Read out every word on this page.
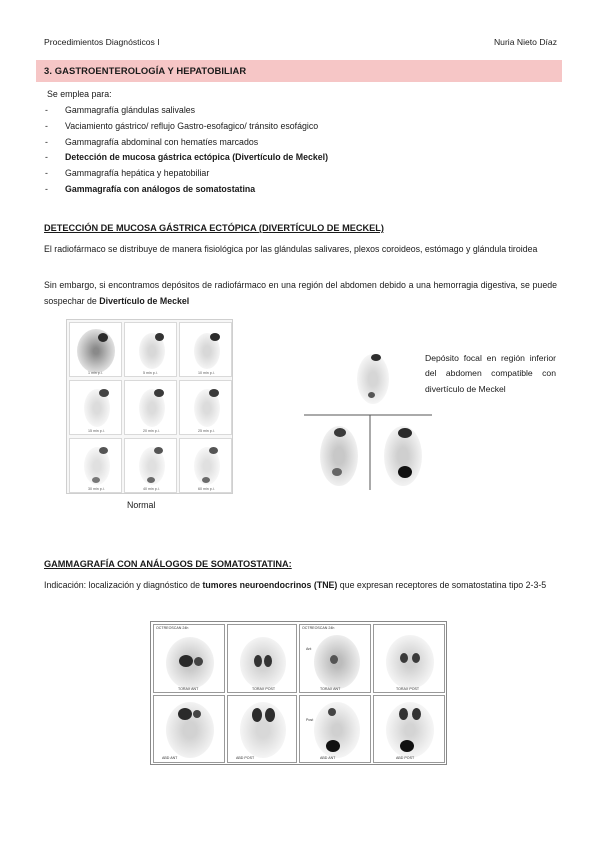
Procedimientos Diagnósticos I	Nuria Nieto Díaz
3. GASTROENTEROLOGÍA Y HEPATOBILIAR
Se emplea para:
-	Gammagrafía glándulas salivales
-	Vaciamiento gástrico/ reflujo Gastro-esofagico/ tránsito esofágico
-	Gammagrafía abdominal con hematíes marcados
-	Detección de mucosa gástrica ectópica (Divertículo de Meckel)
-	Gammagrafía hepática y hepatobiliar
-	Gammagrafía con análogos de somatostatina
DETECCIÓN DE MUCOSA GÁSTRICA ECTÓPICA (DIVERTÍCULO DE MECKEL)
El radiofármaco se distribuye de manera fisiológica por las glándulas salivares, plexos coroideos, estómago y glándula tiroidea
Sin embargo, si encontramos depósitos de radiofármaco en una región del abdomen debido a una hemorragia digestiva, se puede sospechar de Divertículo de Meckel
1 min p.i.	5 min p.i.	10 min p.i.
15 min p.i.	20 min p.i.	25 min p.i.
30 min p.i.	40 min p.i.	60 min p.i.
Normal
Depósito focal en región inferior del abdomen compatible con divertículo de Meckel
GAMMAGRAFÍA CON ANÁLOGOS DE SOMATOSTATINA:
Indicación: localización y diagnóstico de tumores neuroendocrinos (TNE) que expresan receptores de somatostatina tipo 2-3-5
OCTREOSCAN 24h
TORAX ANT	TORAX POST
OCTREOSCAN 24h
Ant
TORAX ANT	TORAX POST
ABD ANT	ABD POST
Post
ABD ANT	ABD POST
